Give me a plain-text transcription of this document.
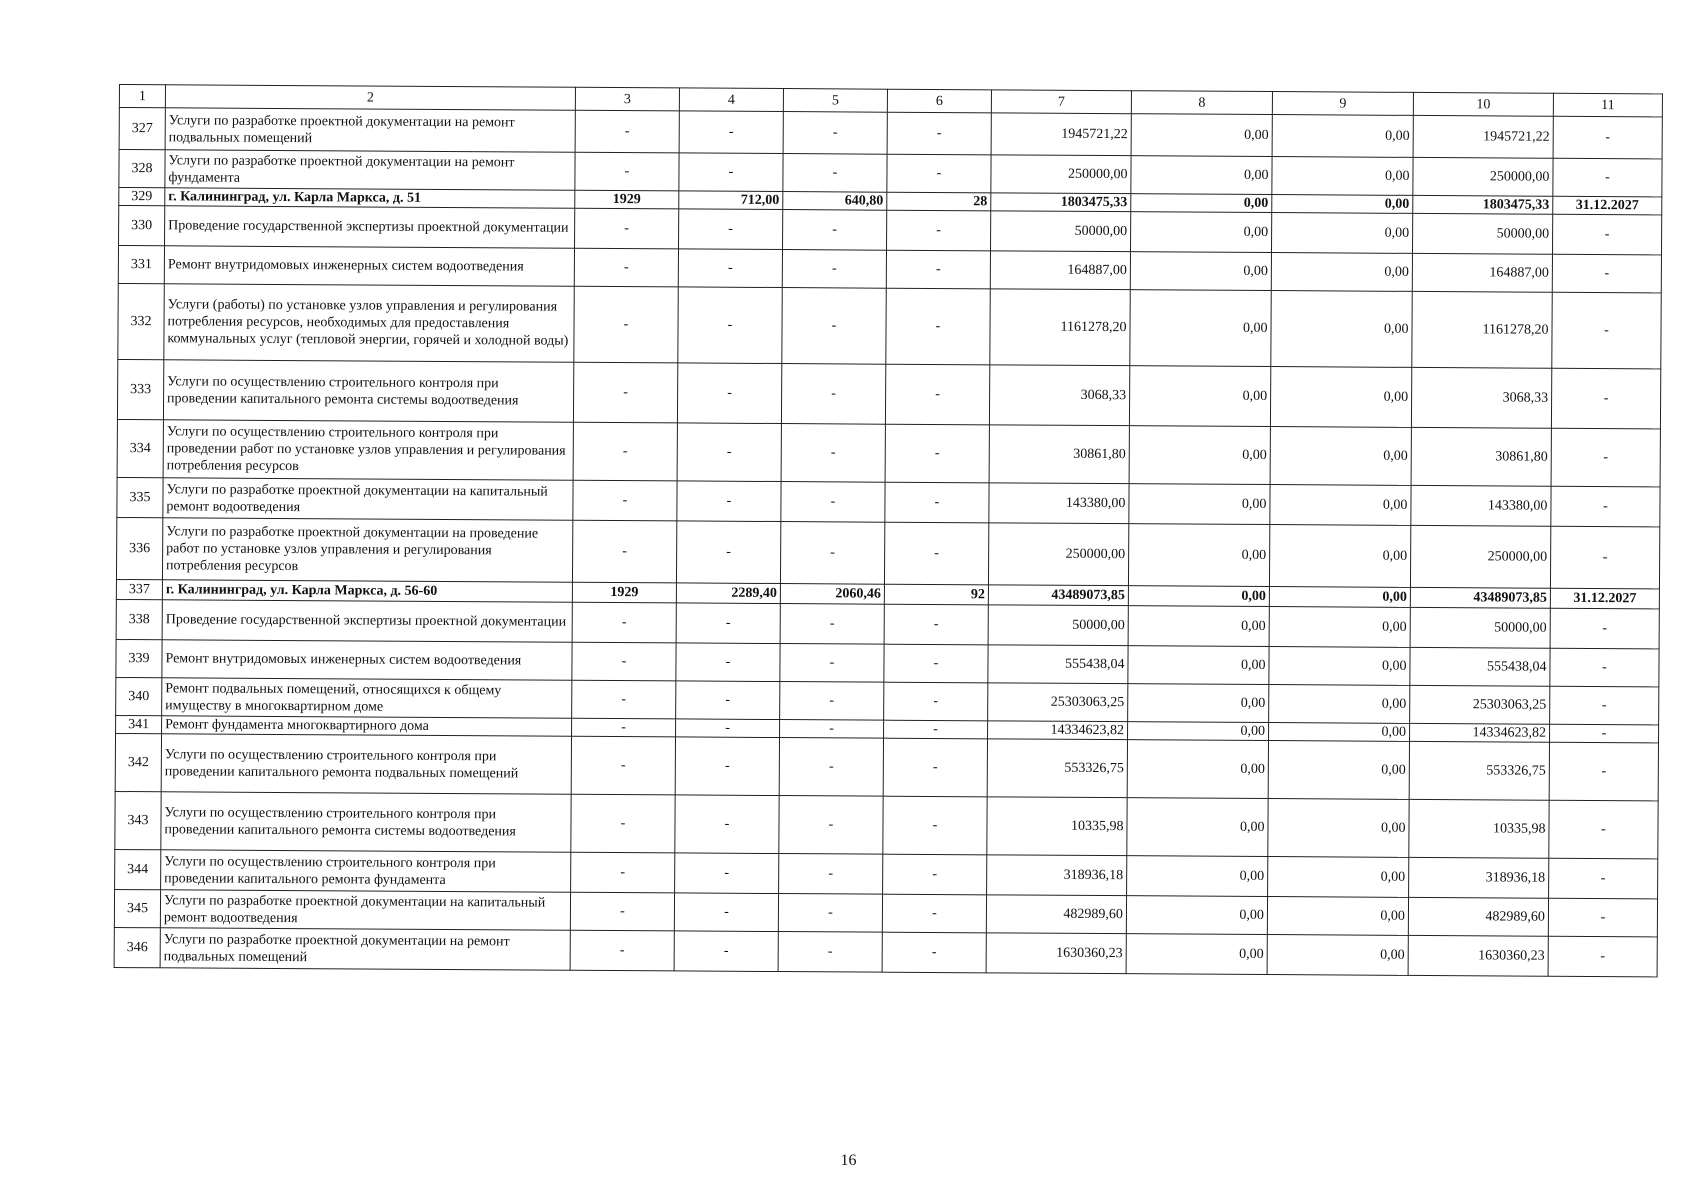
1	2	3	4	5	6	7	8	9	10	11
327	Услуги по разработке проектной документации на ремонт подвальных помещений	-	-	-	-	1945721,22	0,00	0,00	1945721,22	-
328	Услуги по разработке проектной документации на ремонт фундамента	-	-	-	-	250000,00	0,00	0,00	250000,00	-
329	г. Калининград, ул. Карла Маркса, д. 51	1929	712,00	640,80	28	1803475,33	0,00	0,00	1803475,33	31.12.2027
330	Проведение государственной экспертизы проектной документации	-	-	-	-	50000,00	0,00	0,00	50000,00	-
331	Ремонт внутридомовых инженерных систем водоотведения	-	-	-	-	164887,00	0,00	0,00	164887,00	-
332	Услуги (работы) по установке узлов управления и регулирования потребления ресурсов, необходимых для предоставления коммунальных услуг (тепловой энергии, горячей и холодной воды)	-	-	-	-	1161278,20	0,00	0,00	1161278,20	-
333	Услуги по осуществлению строительного контроля при проведении капитального ремонта системы водоотведения	-	-	-	-	3068,33	0,00	0,00	3068,33	-
334	Услуги по осуществлению строительного контроля при проведении работ по установке узлов управления и регулирования потребления ресурсов	-	-	-	-	30861,80	0,00	0,00	30861,80	-
335	Услуги по разработке проектной документации на капитальный ремонт водоотведения	-	-	-	-	143380,00	0,00	0,00	143380,00	-
336	Услуги по разработке проектной документации на проведение работ по установке узлов управления и регулирования потребления ресурсов	-	-	-	-	250000,00	0,00	0,00	250000,00	-
337	г. Калининград, ул. Карла Маркса, д. 56-60	1929	2289,40	2060,46	92	43489073,85	0,00	0,00	43489073,85	31.12.2027
338	Проведение государственной экспертизы проектной документации	-	-	-	-	50000,00	0,00	0,00	50000,00	-
339	Ремонт внутридомовых инженерных систем водоотведения	-	-	-	-	555438,04	0,00	0,00	555438,04	-
340	Ремонт подвальных помещений, относящихся к общему имуществу в многоквартирном доме	-	-	-	-	25303063,25	0,00	0,00	25303063,25	-
341	Ремонт фундамента многоквартирного дома	-	-	-	-	14334623,82	0,00	0,00	14334623,82	-
342	Услуги по осуществлению строительного контроля при проведении капитального ремонта подвальных помещений	-	-	-	-	553326,75	0,00	0,00	553326,75	-
343	Услуги по осуществлению строительного контроля при проведении капитального ремонта системы водоотведения	-	-	-	-	10335,98	0,00	0,00	10335,98	-
344	Услуги по осуществлению строительного контроля при проведении капитального ремонта фундамента	-	-	-	-	318936,18	0,00	0,00	318936,18	-
345	Услуги по разработке проектной документации на капитальный ремонт водоотведения	-	-	-	-	482989,60	0,00	0,00	482989,60	-
346	Услуги по разработке проектной документации на ремонт подвальных помещений	-	-	-	-	1630360,23	0,00	0,00	1630360,23	-
16
